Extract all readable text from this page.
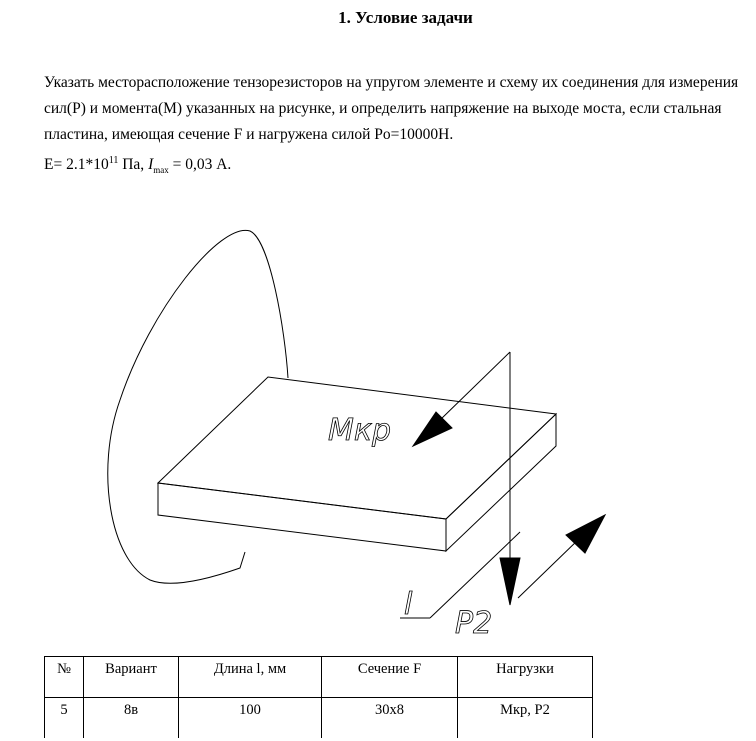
1. Условие задачи
Указать месторасположение тензорезисторов на упругом элементе и схему их соединения для измерения сил(P) и момента(M) указанных на рисунке, и определить напряжение на выходе моста, если стальная пластина, имеющая сечение F и нагружена силой Po=10000Н.
$E= 2.1*10^{11}$ Па, $I_{max} = 0,03$ А.
Мкр
P2
l
№	Вариант	Длина l, мм	Сечение F	Нагрузки
5	8в	100	30x8	Мкр, P2
